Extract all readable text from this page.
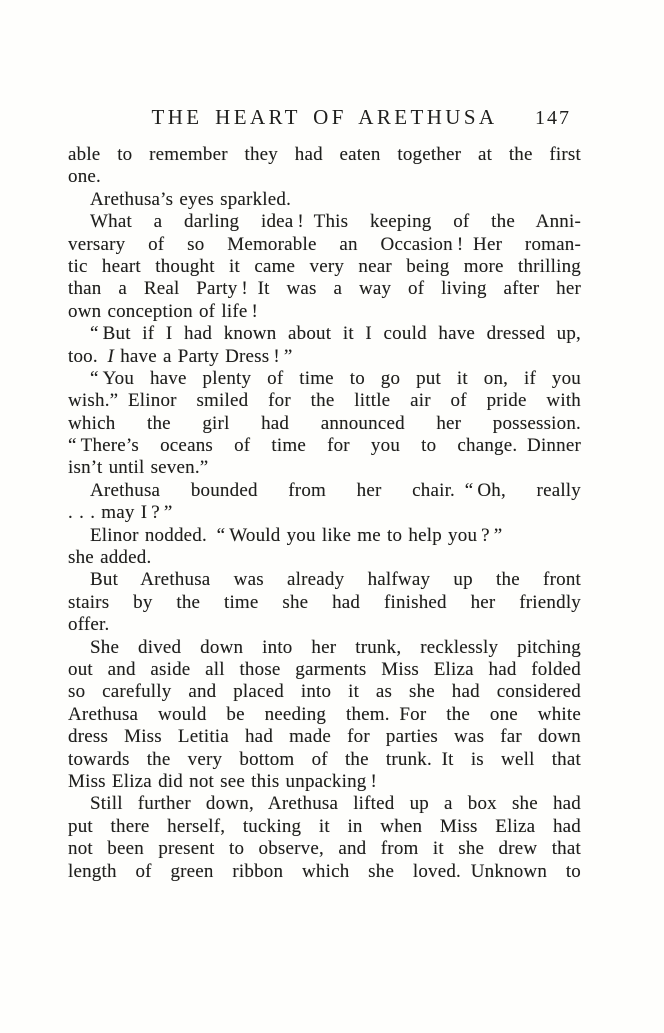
THE HEART OF ARETHUSA 147
able to remember they had eaten together at the first
one.
Arethusa’s eyes sparkled.
What a darling idea ! This keeping of the Anni-
versary of so Memorable an Occasion ! Her roman-
tic heart thought it came very near being more thrilling
than a Real Party ! It was a way of living after her
own conception of life !
“ But if I had known about it I could have dressed up,
too. I have a Party Dress ! ”
“ You have plenty of time to go put it on, if you
wish.” Elinor smiled for the little air of pride with
which the girl had announced her possession.
“ There’s oceans of time for you to change. Dinner
isn’t until seven.”
Arethusa bounded from her chair. “ Oh, really
. . . may I ? ”
Elinor nodded. “ Would you like me to help you ? ”
she added.
But Arethusa was already halfway up the front
stairs by the time she had finished her friendly
offer.
She dived down into her trunk, recklessly pitching
out and aside all those garments Miss Eliza had folded
so carefully and placed into it as she had considered
Arethusa would be needing them. For the one white
dress Miss Letitia had made for parties was far down
towards the very bottom of the trunk. It is well that
Miss Eliza did not see this unpacking !
Still further down, Arethusa lifted up a box she had
put there herself, tucking it in when Miss Eliza had
not been present to observe, and from it she drew that
length of green ribbon which she loved. Unknown to
